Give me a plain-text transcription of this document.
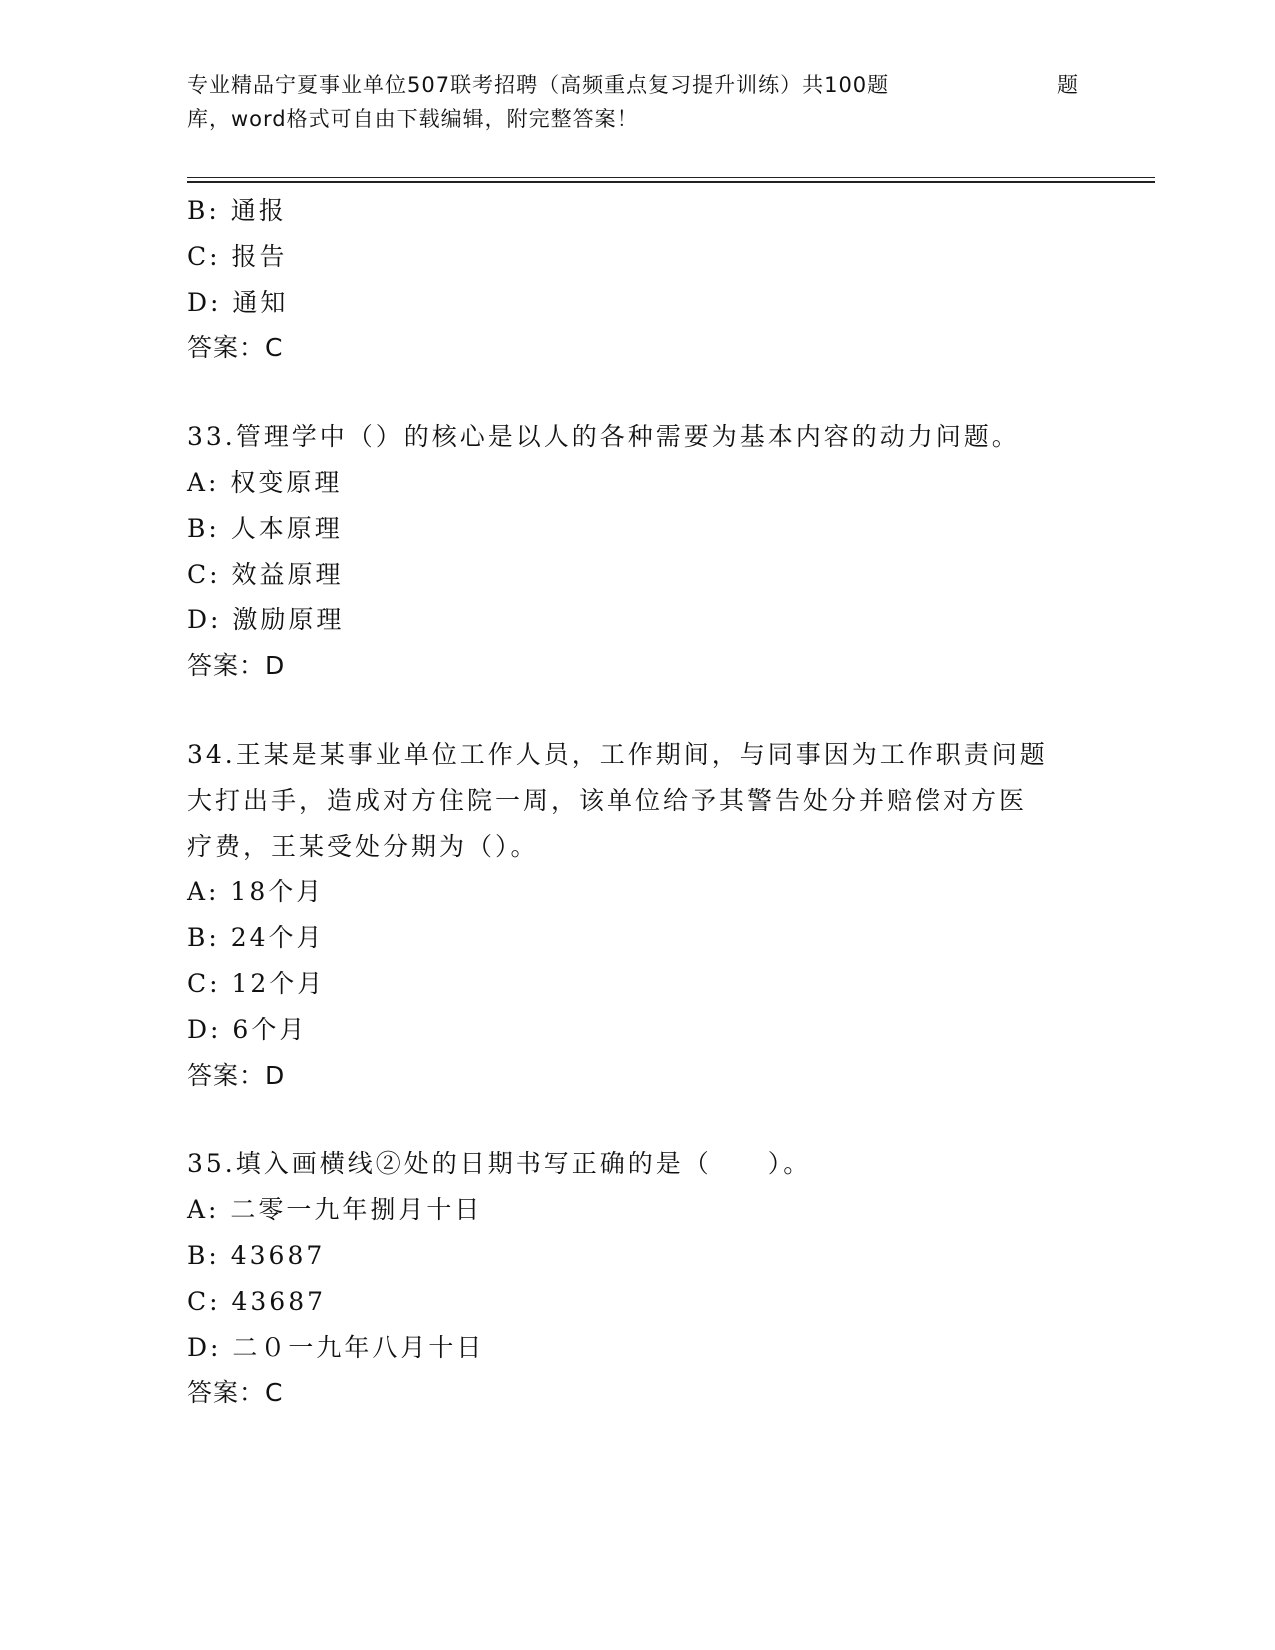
专业精品宁夏事业单位507联考招聘（高频重点复习提升训练）共100题	题
库，word格式可自由下载编辑，附完整答案！
B: 通报
C: 报告
D: 通知
答案：C
33.管理学中（）的核心是以人的各种需要为基本内容的动力问题。
A: 权变原理
B: 人本原理
C: 效益原理
D: 激励原理
答案：D
34.王某是某事业单位工作人员，工作期间，与同事因为工作职责问题
大打出手，造成对方住院一周，该单位给予其警告处分并赔偿对方医
疗费，王某受处分期为（）。
A: 18个月
B: 24个月
C: 12个月
D: 6个月
答案：D
35.填入画横线②处的日期书写正确的是（　　）。
A: 二零一九年捌月十日
B: 43687
C: 43687
D: 二０一九年八月十日
答案：C
